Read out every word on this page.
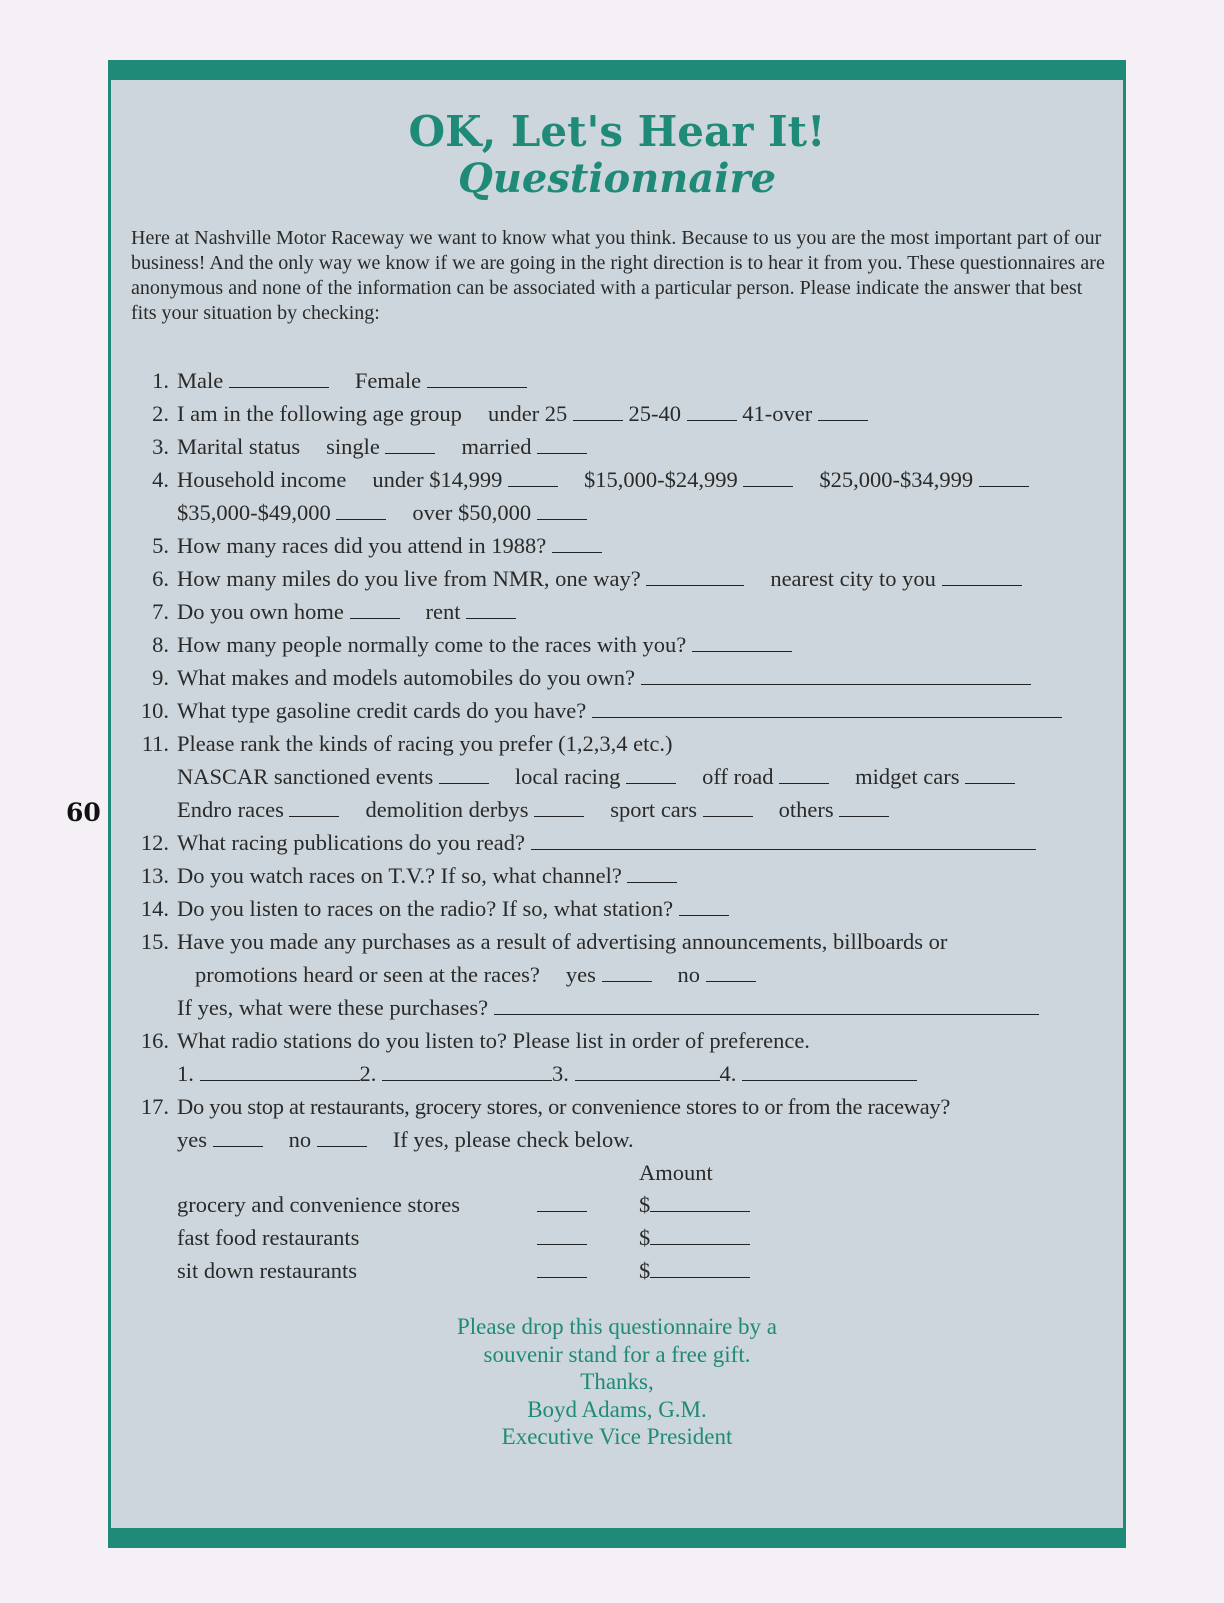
60
OK, Let's Hear It!
Questionnaire
Here at Nashville Motor Raceway we want to know what you think. Because to us you are the most important part of our business! And the only way we know if we are going in the right direction is to hear it from you. These questionnaires are anonymous and none of the information can be associated with a particular person. Please indicate the answer that best fits your situation by checking:
1. Male	Female
2. I am in the following age group under 25	25-40	41-over
3. Marital status single	married
4. Household income under $14,999	$15,000-$24,999	$25,000-$34,999
$35,000-$49,000	over $50,000
5. How many races did you attend in 1988?
6. How many miles do you live from NMR, one way?	nearest city to you
7. Do you own home	rent
8. How many people normally come to the races with you?
9. What makes and models automobiles do you own?
10. What type gasoline credit cards do you have?
11. Please rank the kinds of racing you prefer (1,2,3,4 etc.)
NASCAR sanctioned events	local racing	off road	midget cars
Endro races	demolition derbys	sport cars	others
12. What racing publications do you read?
13. Do you watch races on T.V.? If so, what channel?
14. Do you listen to races on the radio? If so, what station?
15. Have you made any purchases as a result of advertising announcements, billboards or
promotions heard or seen at the races? yes	no
If yes, what were these purchases?
16. What radio stations do you listen to? Please list in order of preference.
1.	2.	3.	4.
17. Do you stop at restaurants, grocery stores, or convenience stores to or from the raceway?
yes	no	If yes, please check below.
Amount
grocery and convenience stores	$
fast food restaurants	$
sit down restaurants	$
Please drop this questionnaire by a
souvenir stand for a free gift.
Thanks,
Boyd Adams, G.M.
Executive Vice President
